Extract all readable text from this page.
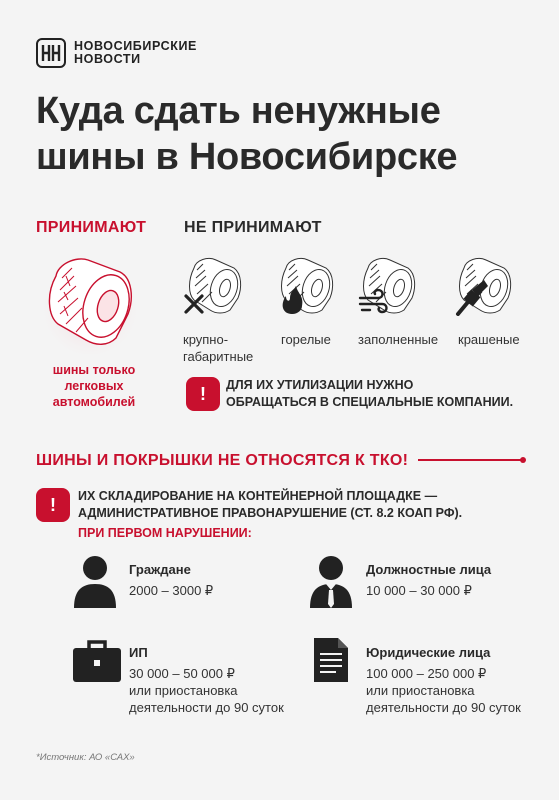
НОВОСИБИРСКИЕ
НОВОСТИ
Куда сдать ненужные
шины в Новосибирске
ПРИНИМАЮТ НЕ ПРИНИМАЮТ
шины только
легковых
автомобилей
крупно-
габаритные
горелые заполненные крашеные
!	ДЛЯ ИХ УТИЛИЗАЦИИ НУЖНО
ОБРАЩАТЬСЯ В СПЕЦИАЛЬНЫЕ КОМПАНИИ.
ШИНЫ И ПОКРЫШКИ НЕ ОТНОСЯТСЯ К ТКО!
!	ИХ СКЛАДИРОВАНИЕ НА КОНТЕЙНЕРНОЙ ПЛОЩАДКЕ —
АДМИНИСТРАТИВНОЕ ПРАВОНАРУШЕНИЕ (СТ. 8.2 КОАП РФ).
ПРИ ПЕРВОМ НАРУШЕНИИ:
Граждане
2000 – 3000 ₽
Должностные лица
10 000 – 30 000 ₽
ИП
30 000 – 50 000 ₽
или приостановка
деятельности до 90 суток
Юридические лица
100 000 – 250 000 ₽
или приостановка
деятельности до 90 суток
*Источник: АО «САХ»
